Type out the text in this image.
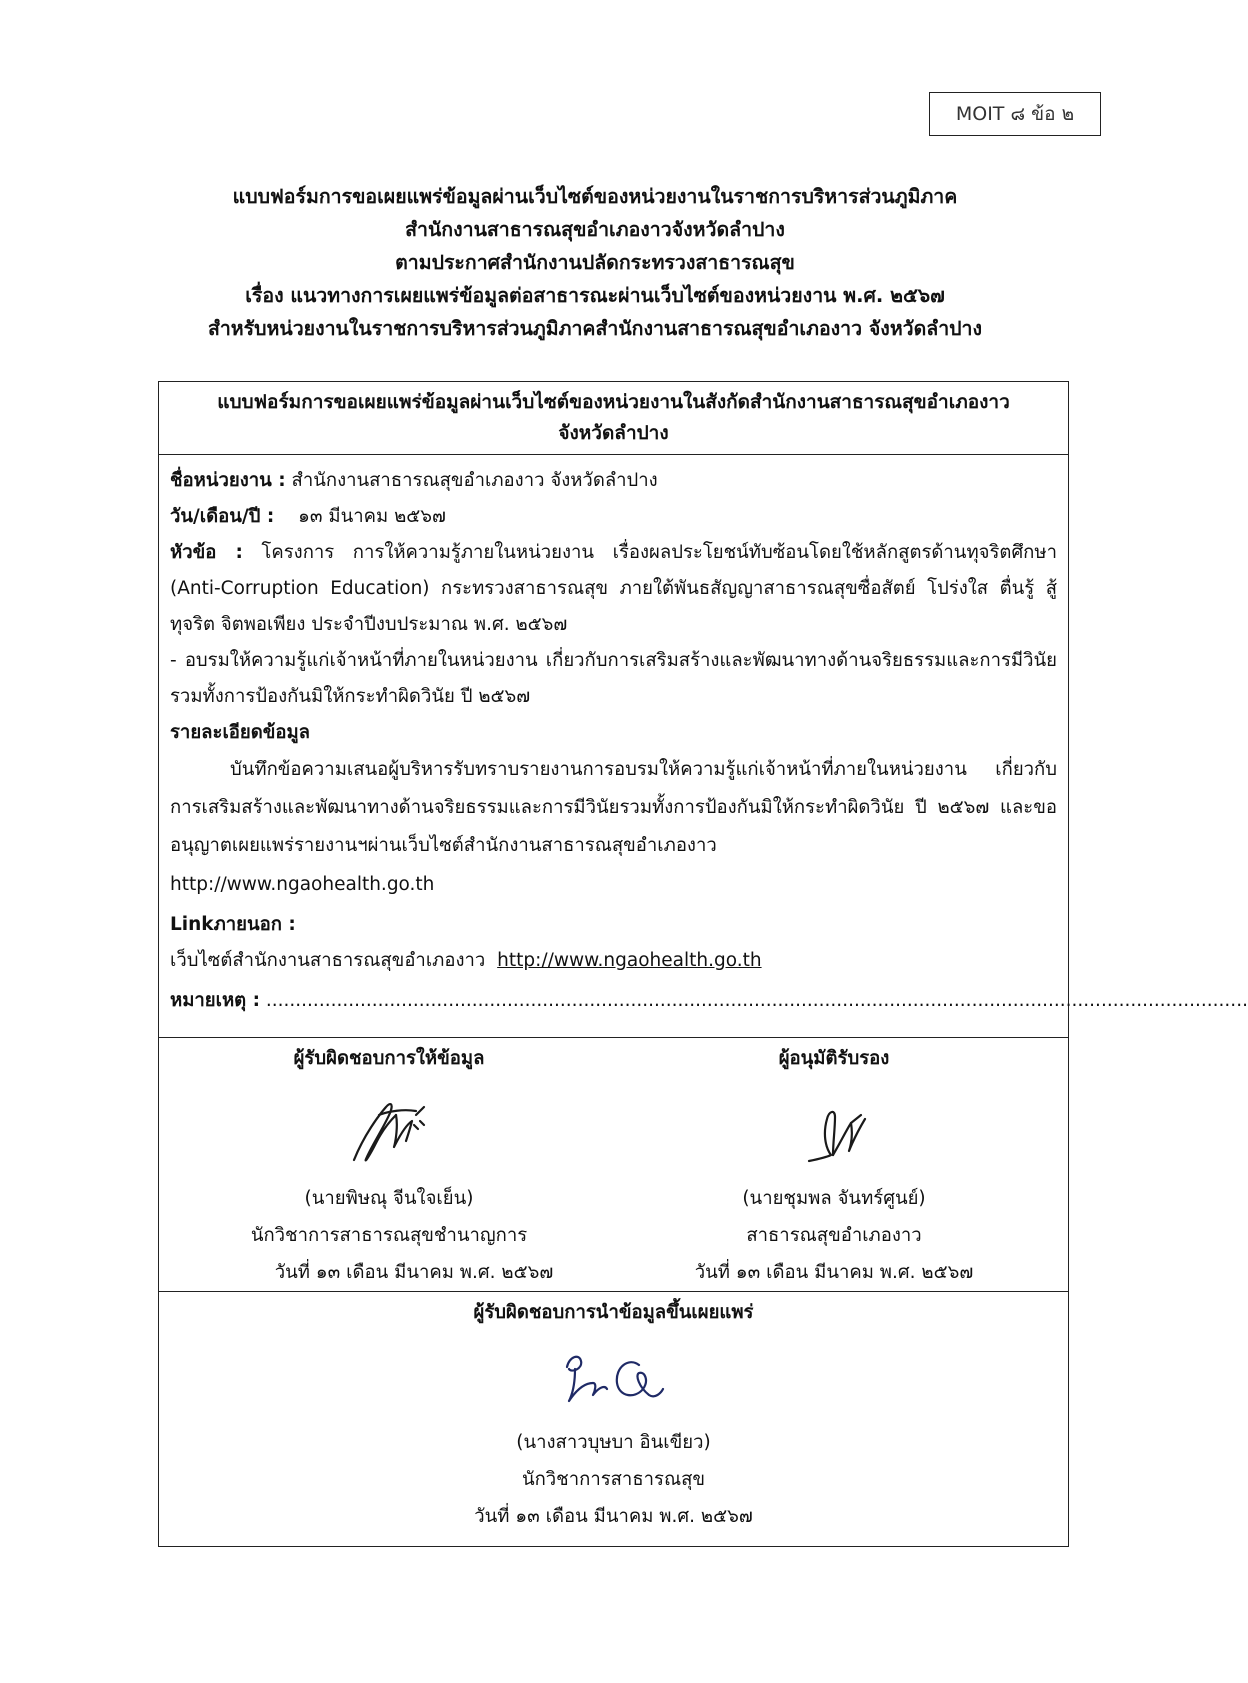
MOIT ๘ ข้อ ๒
แบบฟอร์มการขอเผยแพร่ข้อมูลผ่านเว็บไซต์ของหน่วยงานในราชการบริหารส่วนภูมิภาค
สำนักงานสาธารณสุขอำเภองาวจังหวัดลำปาง
ตามประกาศสำนักงานปลัดกระทรวงสาธารณสุข
เรื่อง แนวทางการเผยแพร่ข้อมูลต่อสาธารณะผ่านเว็บไซต์ของหน่วยงาน พ.ศ. ๒๕๖๗
สำหรับหน่วยงานในราชการบริหารส่วนภูมิภาคสำนักงานสาธารณสุขอำเภองาว จังหวัดลำปาง
แบบฟอร์มการขอเผยแพร่ข้อมูลผ่านเว็บไซต์ของหน่วยงานในสังกัดสำนักงานสาธารณสุขอำเภองาว
จังหวัดลำปาง
ชื่อหน่วยงาน : สำนักงานสาธารณสุขอำเภองาว จังหวัดลำปาง
วัน/เดือน/ปี : ๑๓ มีนาคม ๒๕๖๗
หัวข้อ : โครงการ การให้ความรู้ภายในหน่วยงาน เรื่องผลประโยชน์ทับซ้อนโดยใช้หลักสูตรด้านทุจริตศึกษา (Anti-Corruption Education) กระทรวงสาธารณสุข ภายใต้พันธสัญญาสาธารณสุขซื่อสัตย์ โปร่งใส ตื่นรู้ สู้ทุจริต จิตพอเพียง ประจำปีงบประมาณ พ.ศ. ๒๕๖๗
- อบรมให้ความรู้แก่เจ้าหน้าที่ภายในหน่วยงาน เกี่ยวกับการเสริมสร้างและพัฒนาทางด้านจริยธรรมและการมีวินัยรวมทั้งการป้องกันมิให้กระทำผิดวินัย ปี ๒๕๖๗
รายละเอียดข้อมูล
บันทึกข้อความเสนอผู้บริหารรับทราบรายงานการอบรมให้ความรู้แก่เจ้าหน้าที่ภายในหน่วยงาน เกี่ยวกับการเสริมสร้างและพัฒนาทางด้านจริยธรรมและการมีวินัยรวมทั้งการป้องกันมิให้กระทำผิดวินัย ปี ๒๕๖๗ และขออนุญาตเผยแพร่รายงานฯผ่านเว็บไซต์สำนักงานสาธารณสุขอำเภองาว
http://www.ngaohealth.go.th
Linkภายนอก :
เว็บไซต์สำนักงานสาธารณสุขอำเภองาว http://www.ngaohealth.go.th
หมายเหตุ : .......................................................................................................................................................................
ผู้รับผิดชอบการให้ข้อมูล
(นายพิษณุ จีนใจเย็น)
นักวิชาการสาธารณสุขชำนาญการ
วันที่ ๑๓ เดือน มีนาคม พ.ศ. ๒๕๖๗
ผู้อนุมัติรับรอง
(นายชุมพล จันทร์ศูนย์)
สาธารณสุขอำเภองาว
วันที่ ๑๓ เดือน มีนาคม พ.ศ. ๒๕๖๗
ผู้รับผิดชอบการนำข้อมูลขึ้นเผยแพร่
(นางสาวบุษบา อินเขียว)
นักวิชาการสาธารณสุข
วันที่ ๑๓ เดือน มีนาคม พ.ศ. ๒๕๖๗
